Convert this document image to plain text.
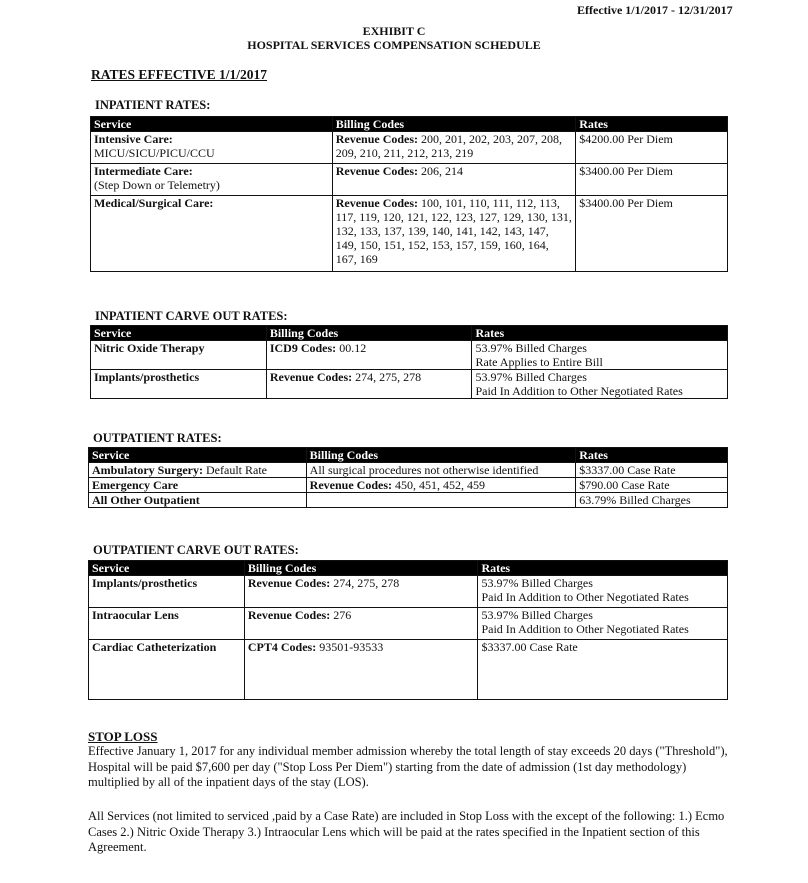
Effective 1/1/2017 - 12/31/2017
EXHIBIT C
HOSPITAL SERVICES COMPENSATION SCHEDULE
RATES EFFECTIVE 1/1/2017
INPATIENT RATES:
Service	Billing Codes	Rates

Intensive Care:
MICU/SICU/PICU/CCU	Revenue Codes: 200, 201, 202, 203, 207, 208, 209, 210, 211, 212, 213, 219	$4200.00 Per Diem

Intermediate Care:
(Step Down or Telemetry)	Revenue Codes: 206, 214	$3400.00 Per Diem

Medical/Surgical Care:	Revenue Codes: 100, 101, 110, 111, 112, 113, 117, 119, 120, 121, 122, 123, 127, 129, 130, 131, 132, 133, 137, 139, 140, 141, 142, 143, 147, 149, 150, 151, 152, 153, 157, 159, 160, 164, 167, 169	$3400.00 Per Diem
INPATIENT CARVE OUT RATES:
Service	Billing Codes	Rates
Nitric Oxide Therapy	ICD9 Codes: 00.12	53.97% Billed Charges
Rate Applies to Entire Bill

Implants/prosthetics	Revenue Codes: 274, 275, 278	53.97% Billed Charges
Paid In Addition to Other Negotiated Rates
OUTPATIENT RATES:
Service	Billing Codes	Rates
Ambulatory Surgery: Default Rate	All surgical procedures not otherwise identified	$3337.00 Case Rate
Emergency Care	Revenue Codes: 450, 451, 452, 459	$790.00 Case Rate
All Other Outpatient		63.79% Billed Charges
OUTPATIENT CARVE OUT RATES:
Service	Billing Codes	Rates
Implants/prosthetics	Revenue Codes: 274, 275, 278	53.97% Billed Charges
Paid In Addition to Other Negotiated Rates

Intraocular Lens	Revenue Codes: 276	53.97% Billed Charges
Paid In Addition to Other Negotiated Rates

Cardiac Catheterization	CPT4 Codes: 93501-93533	$3337.00 Case Rate
STOP LOSS
Effective January 1, 2017 for any individual member admission whereby the total length of stay exceeds 20 days ("Threshold"), Hospital will be paid $7,600 per day ("Stop Loss Per Diem") starting from the date of admission (1st day methodology) multiplied by all of the inpatient days of the stay (LOS).
All Services (not limited to serviced ,paid by a Case Rate) are included in Stop Loss with the except of the following: 1.) Ecmo Cases 2.) Nitric Oxide Therapy 3.) Intraocular Lens which will be paid at the rates specified in the Inpatient section of this Agreement.
